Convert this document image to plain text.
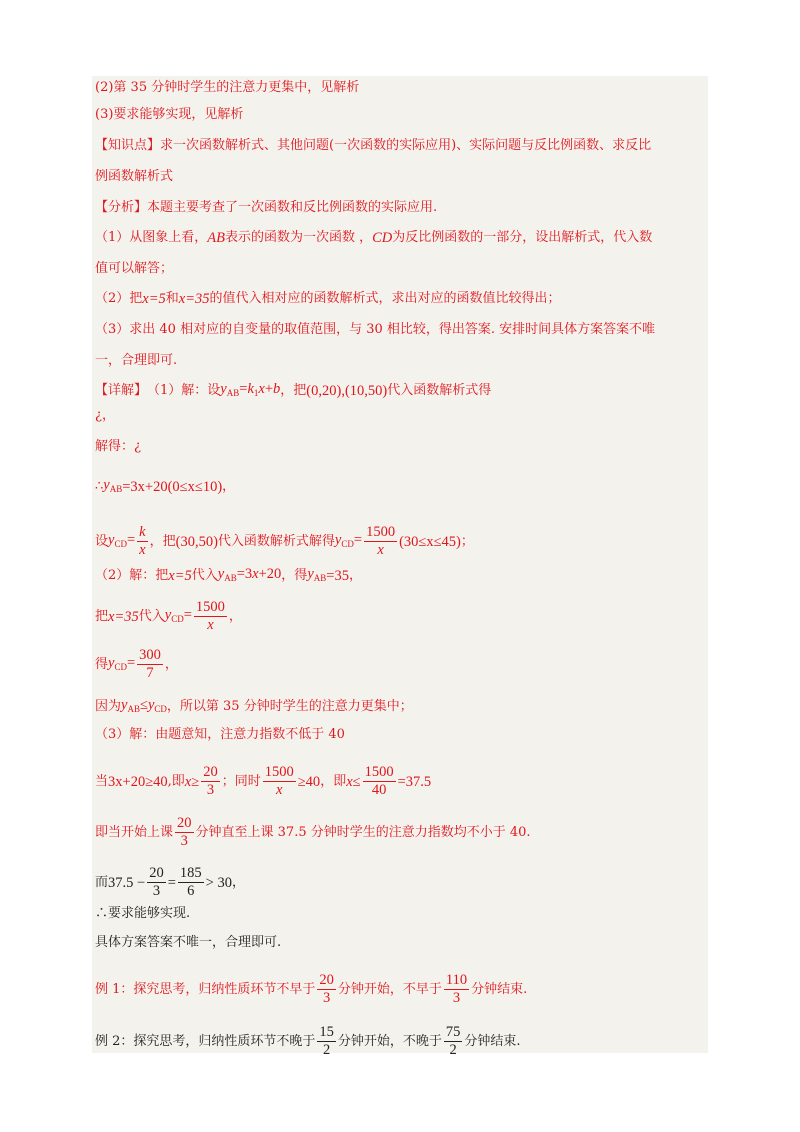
(2)第 35 分钟时学生的注意力更集中，见解析
(3)要求能够实现，见解析
【知识点】求一次函数解析式、其他问题(一次函数的实际应用)、实际问题与反比例函数、求反比
例函数解析式
【分析】 本题主要考查了一次函数和反比例函数的实际应用.
（1）从图象上看， AB 表示的函数为一次函数 ， CD 为反比例函数的一部分，设出解析式，代入数
值可以解答；
（2）把 x=5 和 x=35 的值代入相对应的函数解析式，求出对应的函数值比较得出；
（3）求出 40 相对应的自变量的取值范围，与 30 相比较，得出答案. 安排时间具体方案答案不唯
一，合理即可.
【详解】 （1）解：设 $y_{AB}=k_1x+b$ ，把 (0,20) , (10,50) 代入函数解析式得
¿，
解得：¿
∴ $y_{AB} =3x+20(0\le x\le 10)$ ，
设 $y_{CD}= \frac{k}{x}$ ，把 (30,50) 代入函数解析式解得 $y_{CD}= \frac{1500}{x} (30\le x\le 45)$ ；
（2）解：把 x=5 代入 $y_{AB}=3x+20$ ，得 $y_{AB} =35$ ，
把 x=35 代入 $y_{CD}= \frac{1500}{x}$ ，
得 $y_{CD}= \frac{300}{7}$ ，
因为 $y_{AB}\le y_{CD}$ ，所以第 35 分钟时学生的注意力更集中；
（3）解：由题意知，注意力指数不低于 40
当 3x+20≥40 ,即 $x\ge \frac{20}{3}$ ；同时 $\frac{1500}{x} \ge 40$ ，即 $x\le \frac{1500}{40} =37.5$
即当开始上课 $\frac{20}{3}$ 分钟直至上课 37.5 分钟时学生的注意力指数均不小于 40.
而 $37.5 - \frac{20}{3} = \frac{185}{6} > 30$ ，
∴要求能够实现.
具体方案答案不唯一，合理即可.
例 1：探究思考，归纳性质环节不早于 $\frac{20}{3}$ 分钟开始，不早于 $\frac{110}{3}$ 分钟结束.
例 2：探究思考，归纳性质环节不晚于 $\frac{15}{2}$ 分钟开始，不晚于 $\frac{75}{2}$ 分钟结束.
